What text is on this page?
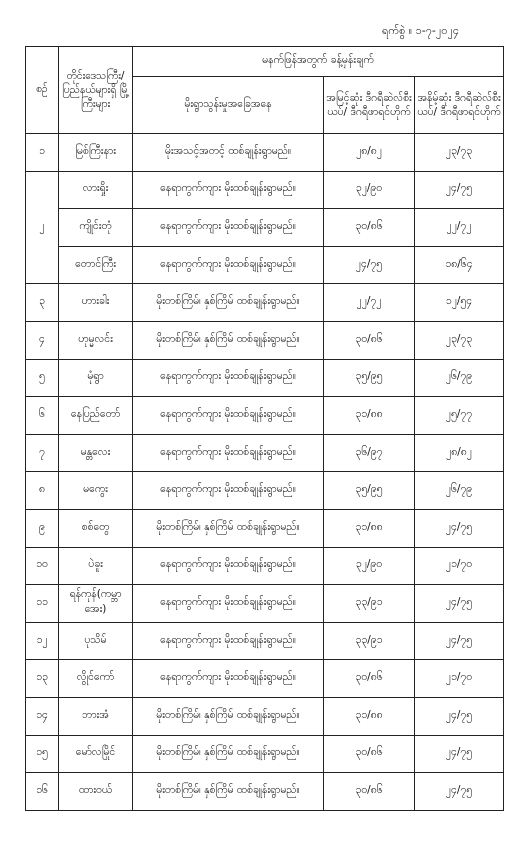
ရက်စွဲ ။ ၁-၇-၂၀၂၄
စဉ်	တိုင်းဒေသကြီး/ ပြည်နယ်များရှိ မြို့ကြီးများ	မနက်ဖြန်အတွက် ခန့်မှန်းချက်		
		မိုးရွာသွန်းမှုအခြေအနေ	အမြင့်ဆုံး ဒီဂရီဆဲလ်စီးယပ်/ ဒီဂရီဖာရင်ဟိုက်	အနိမ့်ဆုံး ဒီဂရီဆဲလ်စီးယပ်/ ဒီဂရီဖာရင်ဟိုက်
၁	မြစ်ကြီးနား	မိုးအသင့်အတင့် ထစ်ချုန်းရွာမည်။	၂၈/၈၂	၂၃/၇၃
၂	လားရှိုး	နေရာကွက်ကျား မိုးထစ်ချုန်းရွာမည်။	၃၂/၉၀	၂၄/၇၅
	ကျိုင်းတုံ	နေရာကွက်ကျား မိုးထစ်ချုန်းရွာမည်။	၃၀/၈၆	၂၂/၇၂
	တောင်ကြီး	နေရာကွက်ကျား မိုးထစ်ချုန်းရွာမည်။	၂၄/၇၅	၁၈/၆၄
၃	ဟားခါး	မိုးတစ်ကြိမ်၊ နှစ်ကြိမ် ထစ်ချုန်းရွာမည်။	၂၂/၇၂	၁၂/၅၄
၄	ဟုမ္မလင်း	မိုးတစ်ကြိမ်၊ နှစ်ကြိမ် ထစ်ချုန်းရွာမည်။	၃၀/၈၆	၂၃/၇၃
၅	မုံရွာ	နေရာကွက်ကျား မိုးထစ်ချုန်းရွာမည်။	၃၅/၉၅	၂၆/၇၉
၆	နေပြည်တော်	နေရာကွက်ကျား မိုးထစ်ချုန်းရွာမည်။	၃၁/၈၈	၂၅/၇၇
၇	မန္တလေး	နေရာကွက်ကျား မိုးထစ်ချုန်းရွာမည်။	၃၆/၉၇	၂၈/၈၂
၈	မကွေး	နေရာကွက်ကျား မိုးထစ်ချုန်းရွာမည်။	၃၅/၉၅	၂၆/၇၉
၉	စစ်တွေ	မိုးတစ်ကြိမ်၊ နှစ်ကြိမ် ထစ်ချုန်းရွာမည်။	၃၁/၈၈	၂၄/၇၅
၁၀	ပဲခူး	နေရာကွက်ကျား မိုးထစ်ချုန်းရွာမည်။	၃၂/၉၀	၂၁/၇၀
၁၁	ရန်ကုန်(ကမ္ဘာအေး)	နေရာကွက်ကျား မိုးထစ်ချုန်းရွာမည်။	၃၃/၉၁	၂၄/၇၅
၁၂	ပုသိမ်	နေရာကွက်ကျား မိုးထစ်ချုန်းရွာမည်။	၃၃/၉၁	၂၄/၇၅
၁၃	လွိုင်ကော်	နေရာကွက်ကျား မိုးထစ်ချုန်းရွာမည်။	၃၀/၈၆	၂၁/၇၀
၁၄	ဘားအံ	မိုးတစ်ကြိမ်၊ နှစ်ကြိမ် ထစ်ချုန်းရွာမည်။	၃၁/၈၈	၂၄/၇၅
၁၅	မော်လမြိုင်	မိုးတစ်ကြိမ်၊ နှစ်ကြိမ် ထစ်ချုန်းရွာမည်။	၃၀/၈၆	၂၄/၇၅
၁၆	ထားဝယ်	မိုးတစ်ကြိမ်၊ နှစ်ကြိမ် ထစ်ချုန်းရွာမည်။	၃၀/၈၆	၂၄/၇၅
